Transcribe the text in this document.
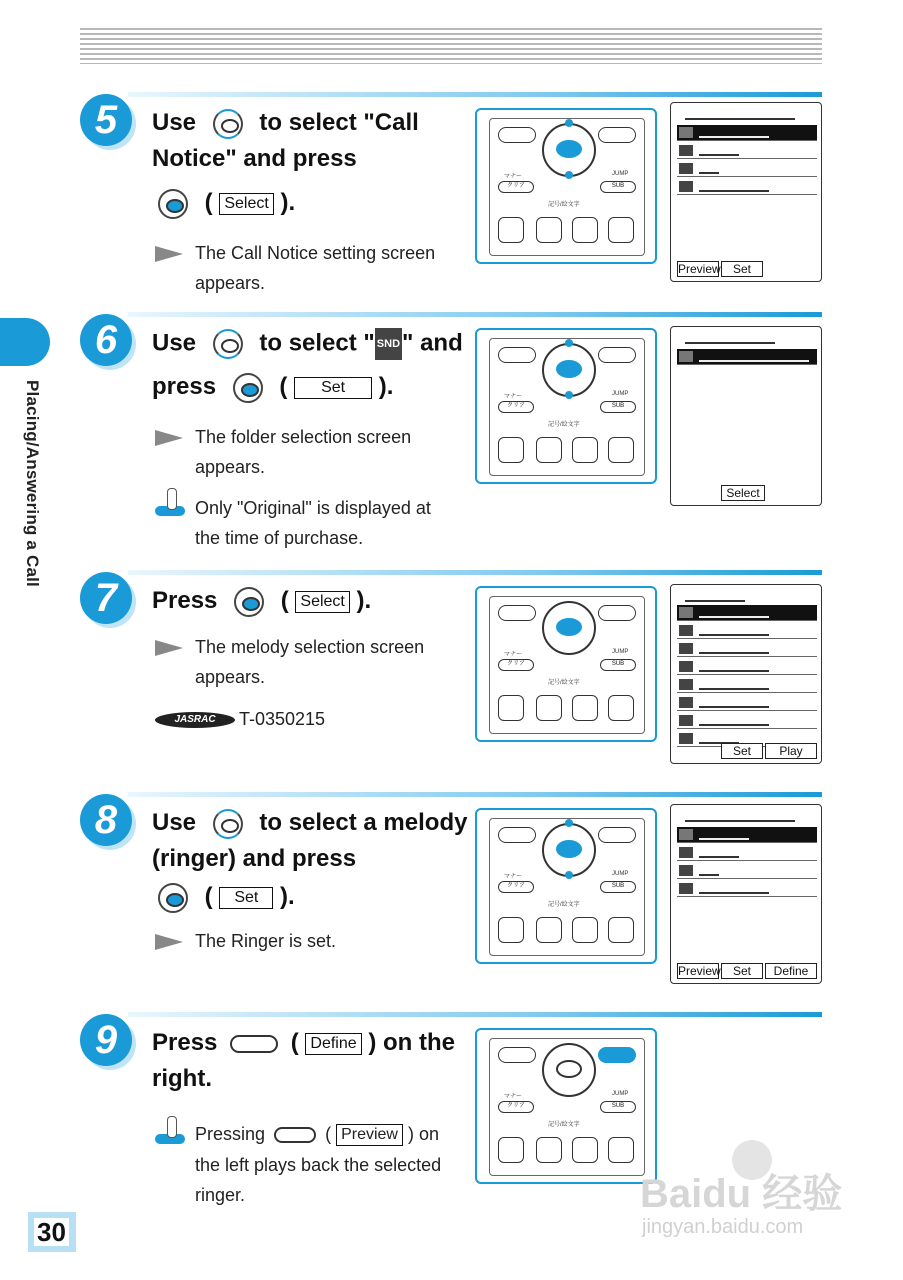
Placing/Answering a Call
30
5	Use	to select "Call
Notice" and press
( Select ).
The Call Notice setting screen
appears.
マナー	JUMP
クリア	SUB
記号/絵文字
Preview	Set
6	Use	to select " SND" and
press	( Set ).
The folder selection screen
appears.
Only "Original" is displayed at
the time of purchase.
マナー	JUMP
クリア	SUB
記号/絵文字
Select
7	Press	( Select ).
The melody selection screen
appears.
JASRAC T-0350215
マナー	JUMP
クリア	SUB
記号/絵文字
Set	Play
8	Use	to select a melody
(ringer) and press
( Set ).
The Ringer is set.
マナー	JUMP
クリア	SUB
記号/絵文字
Preview	Set	Define
9	Press	( Define ) on the
right.
Pressing	( Preview ) on
the left plays back the selected
ringer.
マナー	JUMP
クリア	SUB
記号/絵文字
Baidu 经验
jingyan.baidu.com
